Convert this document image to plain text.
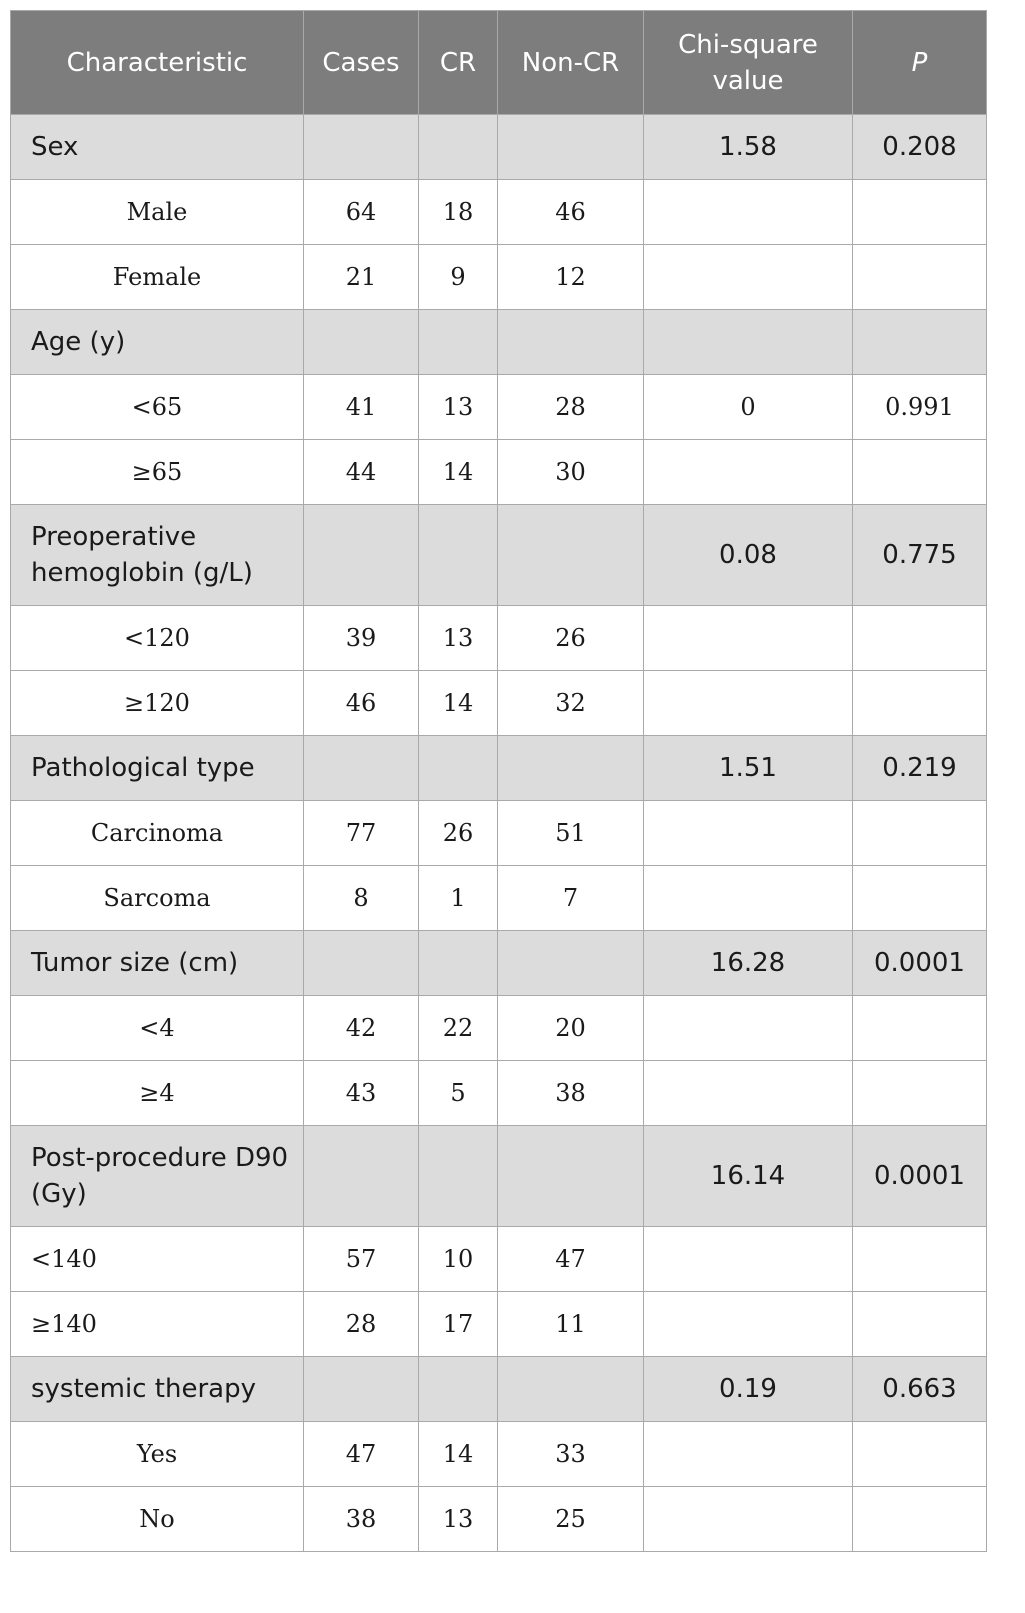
Characteristic	Cases	CR	Non-CR	Chi-square value	P
Sex				1.58	0.208
Male	64	18	46		
Female	21	9	12		
Age (y)					
<65	41	13	28	0	0.991
≥65	44	14	30		
Preoperative hemoglobin (g/L)				0.08	0.775
<120	39	13	26		
≥120	46	14	32		
Pathological type				1.51	0.219
Carcinoma	77	26	51		
Sarcoma	8	1	7		
Tumor size (cm)				16.28	0.0001
<4	42	22	20		
≥4	43	5	38		
Post-procedure D90 (Gy)				16.14	0.0001
<140	57	10	47		
≥140	28	17	11		
systemic therapy				0.19	0.663
Yes	47	14	33		
No	38	13	25		
